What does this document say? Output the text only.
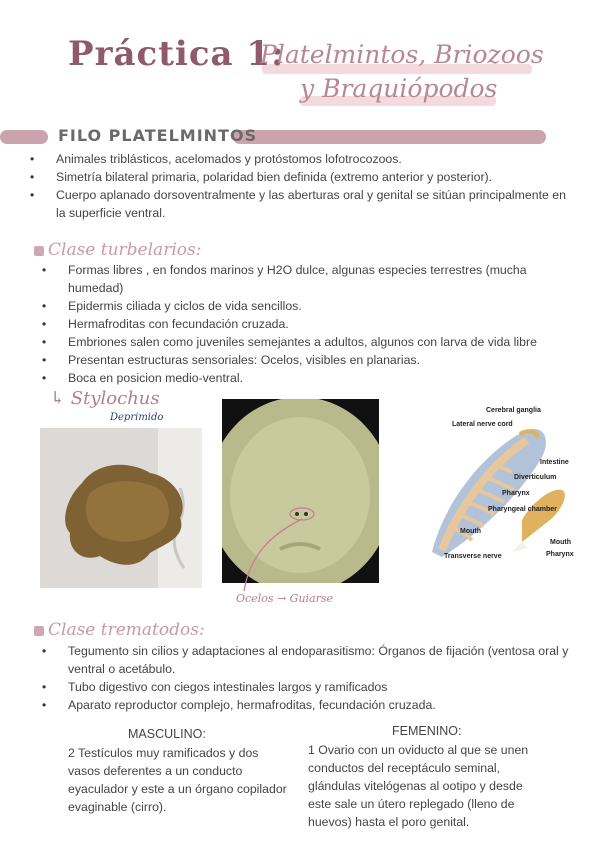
Práctica 1:
Platelmintos, Briozoos
y Braquiópodos
FILO PLATELMINTOS
• Animales triblásticos, acelomados y protóstomos lofotrocozoos.
• Simetría bilateral primaria, polaridad bien definida (extremo anterior y posterior).
• Cuerpo aplanado dorsoventralmente y las aberturas oral y genital se sitúan principalmente en la superficie ventral.
Clase turbelarios:
• Formas libres , en fondos marinos y H2O dulce, algunas especies terrestres (mucha humedad)
• Epidermis ciliada y ciclos de vida sencillos.
• Hermafroditas con fecundación cruzada.
• Embriones salen como juveniles semejantes a adultos, algunos con larva de vida libre
• Presentan estructuras sensoriales: Ocelos, visibles en planarias.
• Boca en posicion medio-ventral.
↳ Stylochus
Deprimido
Ocelos → Guiarse
Cerebral ganglia
Lateral nerve cord
Intestine
Diverticulum
Pharynx
Pharyngeal chamber
Mouth
Transverse nerve
Mouth
Pharynx
Clase trematodos:
• Tegumento sin cilios y adaptaciones al endoparasitismo: Órganos de fijación (ventosa oral y ventral o acetábulo.
• Tubo digestivo con ciegos intestinales largos y ramificados
• Aparato reproductor complejo, hermafroditas, fecundación cruzada.
MASCULINO:
2 Testículos muy ramificados y dos vasos deferentes a un conducto eyaculador y este a un órgano copilador evaginable (cirro).
FEMENINO:
1 Ovario con un oviducto al que se unen conductos del receptáculo seminal, glándulas vitelógenas al ootipo y desde este sale un útero replegado (lleno de huevos) hasta el poro genital.
